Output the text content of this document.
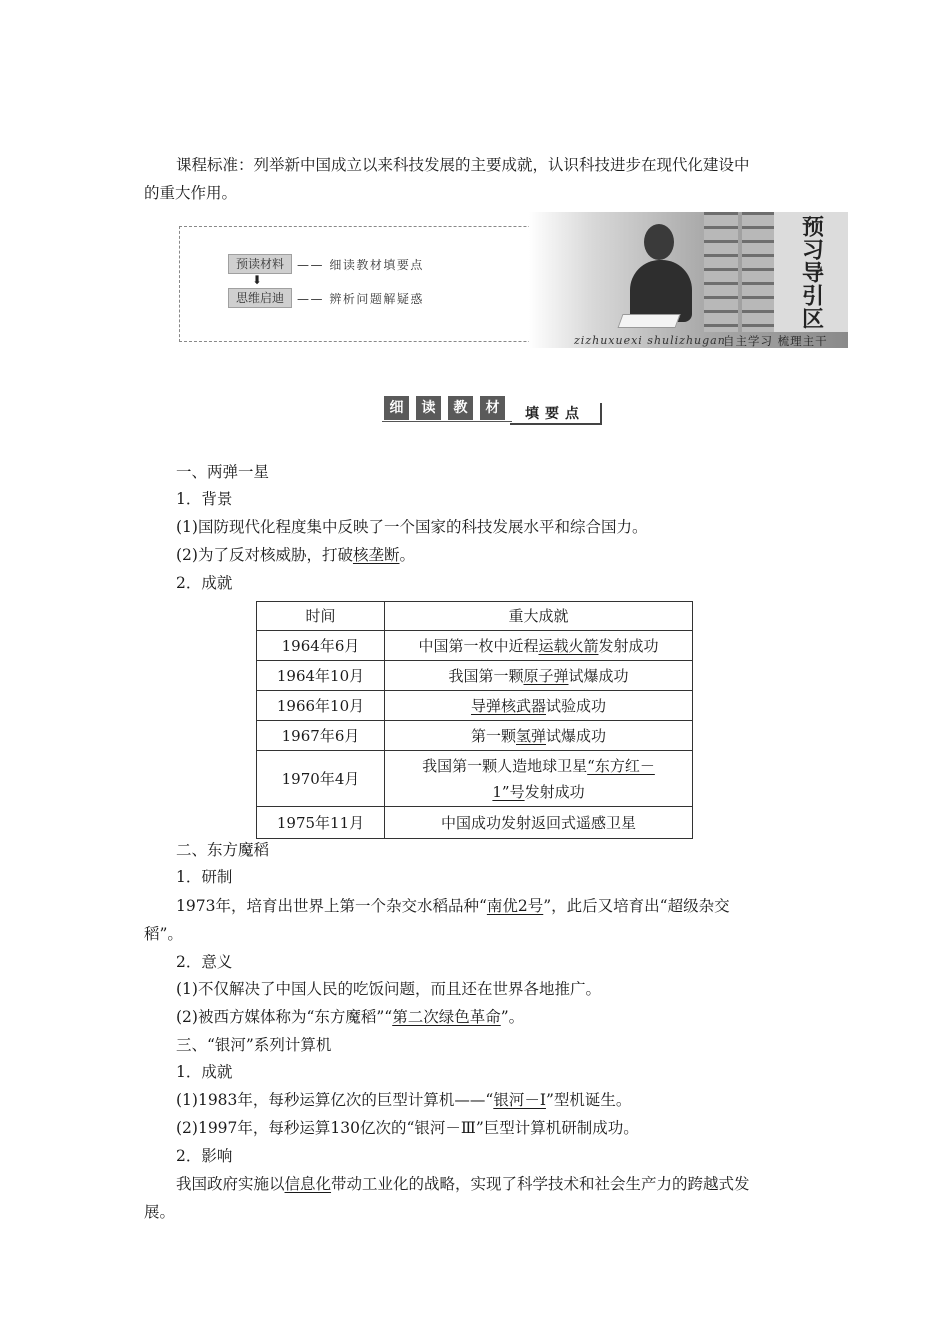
课程标准：列举新中国成立以来科技发展的主要成就，认识科技进步在现代化建设中
的重大作用。
预读材料	—— 细读教材填要点
⬇
思维启迪	—— 辨析问题解疑惑	预习导引区
zizhuxuexi shulizhugan
自主学习 梳理主干
细	读	教	材	填要点
一、两弹一星
1．背景
(1)国防现代化程度集中反映了一个国家的科技发展水平和综合国力。
(2)为了反对核威胁，打破核垄断。
2．成就
时间	重大成就
1964年6月	中国第一枚中近程运载火箭发射成功
1964年10月	我国第一颗原子弹试爆成功
1966年10月	导弹核武器试验成功
1967年6月	第一颗氢弹试爆成功
1970年4月	我国第一颗人造地球卫星“东方红－
1”号发射成功
1975年11月	中国成功发射返回式遥感卫星
二、东方魔稻
1．研制
1973年，培育出世界上第一个杂交水稻品种“南优2号”，此后又培育出“超级杂交
稻”。
2．意义
(1)不仅解决了中国人民的吃饭问题，而且还在世界各地推广。
(2)被西方媒体称为“东方魔稻”“第二次绿色革命”。
三、“银河”系列计算机
1．成就
(1)1983年，每秒运算亿次的巨型计算机——“银河－Ⅰ”型机诞生。
(2)1997年，每秒运算130亿次的“银河－Ⅲ”巨型计算机研制成功。
2．影响
我国政府实施以信息化带动工业化的战略，实现了科学技术和社会生产力的跨越式发
展。
